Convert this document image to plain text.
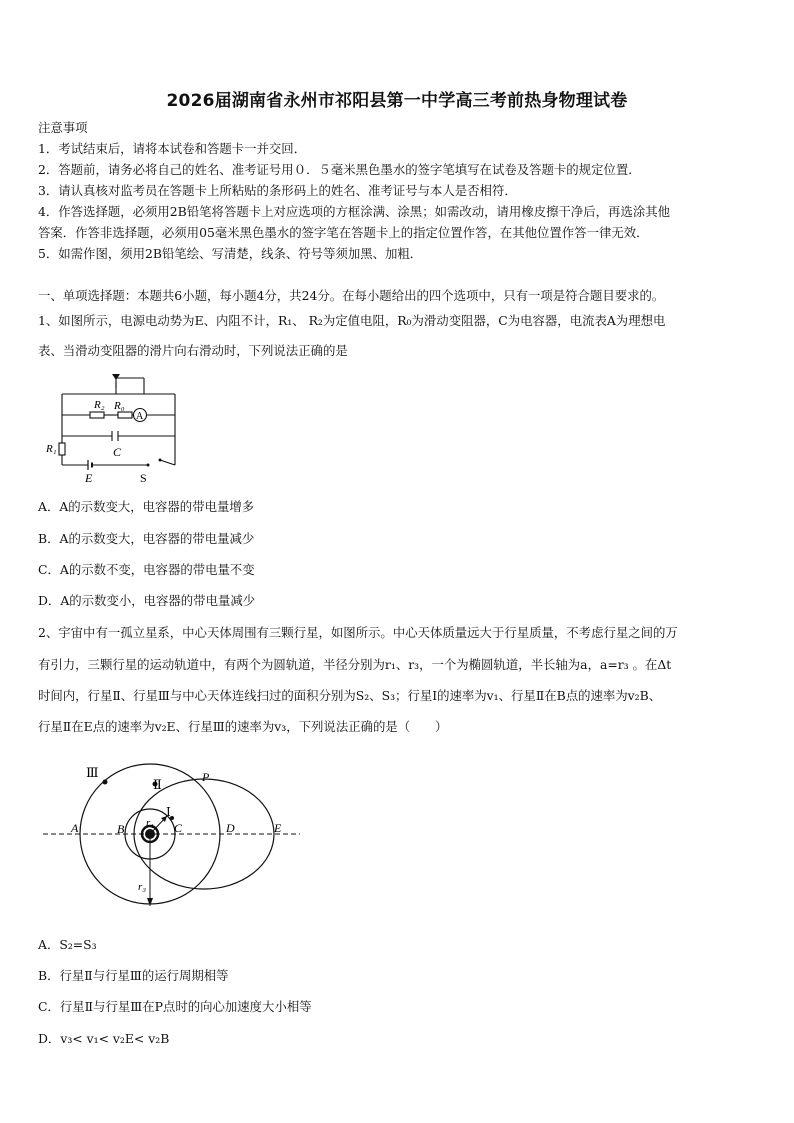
2026届湖南省永州市祁阳县第一中学高三考前热身物理试卷
注意事项
1．考试结束后，请将本试卷和答题卡一并交回．
2．答题前，请务必将自己的姓名、准考证号用０．５毫米黑色墨水的签字笔填写在试卷及答题卡的规定位置．
3．请认真核对监考员在答题卡上所粘贴的条形码上的姓名、准考证号与本人是否相符．
4．作答选择题，必须用2B铅笔将答题卡上对应选项的方框涂满、涂黑；如需改动，请用橡皮擦干净后，再选涂其他
答案．作答非选择题，必须用05毫米黑色墨水的签字笔在答题卡上的指定位置作答，在其他位置作答一律无效．
5．如需作图，须用2B铅笔绘、写清楚，线条、符号等须加黑、加粗．
一、单项选择题：本题共6小题，每小题4分，共24分。在每小题给出的四个选项中，只有一项是符合题目要求的。
1、如图所示，电源电动势为E、内阻不计，R₁、 R₂为定值电阻，R₀为滑动变阻器，C为电容器，电流表A为理想电
表、当滑动变阻器的滑片向右滑动时，下列说法正确的是
R₂ R₀
A
R₁	C
E	S
A．A的示数变大，电容器的带电量增多
B．A的示数变大，电容器的带电量减少
C．A的示数不变，电容器的带电量不变
D．A的示数变小，电容器的带电量减少
2、宇宙中有一孤立星系，中心天体周围有三颗行星，如图所示。中心天体质量远大于行星质量，不考虑行星之间的万
有引力，三颗行星的运动轨道中，有两个为圆轨道，半径分别为r₁、r₃，一个为椭圆轨道，半长轴为a，a=r₃ 。在Δt
时间内，行星Ⅱ、行星Ⅲ与中心天体连线扫过的面积分别为S₂、S₃；行星Ⅰ的速率为v₁、行星Ⅱ在B点的速率为v₂B、
行星Ⅱ在E点的速率为v₂E、行星Ⅲ的速率为v₃，下列说法正确的是（　　）
Ⅲ
Ⅱ
Ⅰ
P
A	B r₁ C	D	E
r₃
A．S₂=S₃
B．行星Ⅱ与行星Ⅲ的运行周期相等
C．行星Ⅱ与行星Ⅲ在P点时的向心加速度大小相等
D．v₃< v₁< v₂E< v₂B
